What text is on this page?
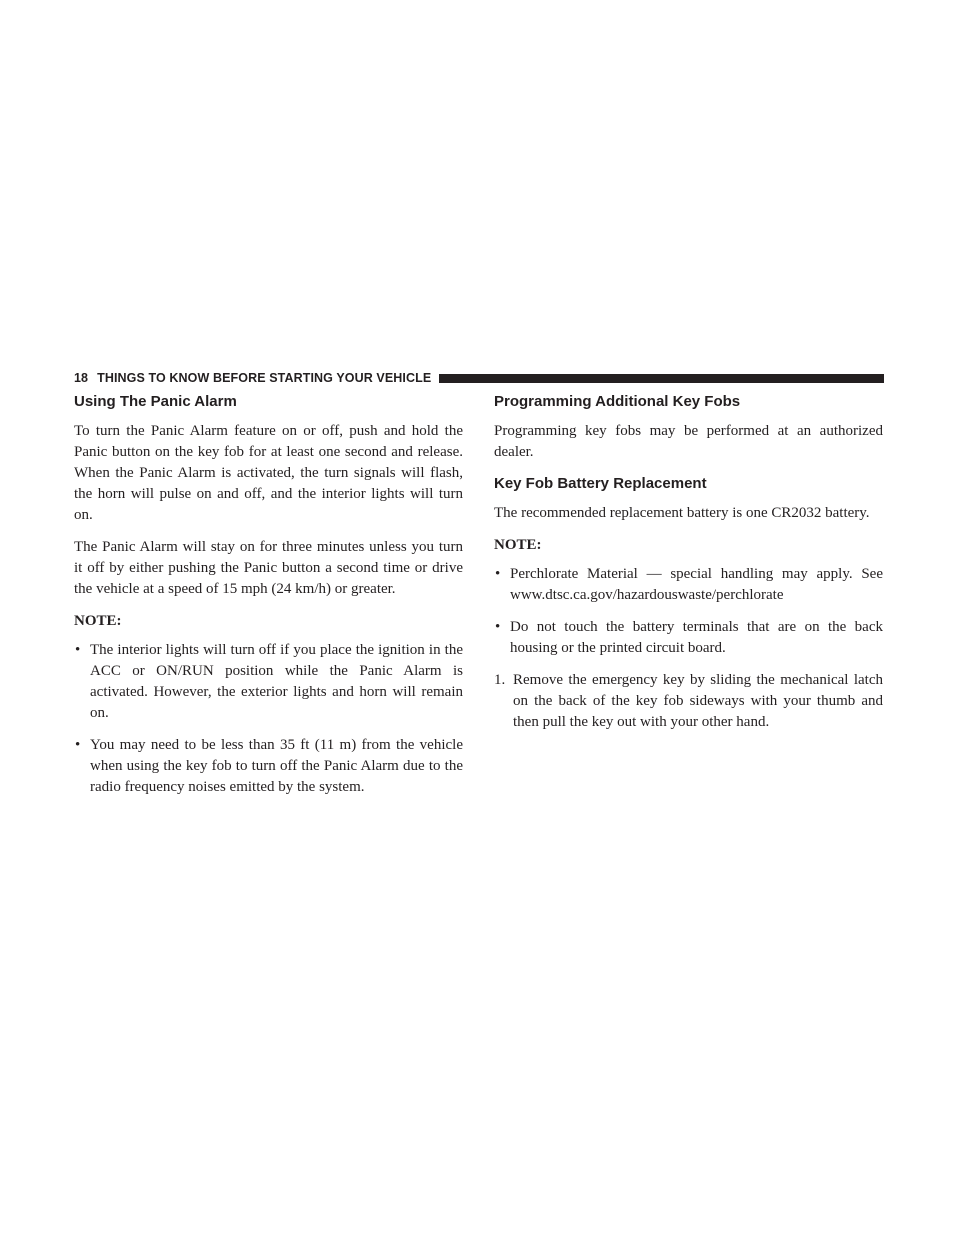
18 THINGS TO KNOW BEFORE STARTING YOUR VEHICLE
Using The Panic Alarm

To turn the Panic Alarm feature on or off, push and hold the Panic button on the key fob for at least one second and release. When the Panic Alarm is activated, the turn signals will flash, the horn will pulse on and off, and the interior lights will turn on.

The Panic Alarm will stay on for three minutes unless you turn it off by either pushing the Panic button a second time or drive the vehicle at a speed of 15 mph (24 km/h) or greater.

NOTE:

• The interior lights will turn off if you place the ignition in the ACC or ON/RUN position while the Panic Alarm is activated. However, the exterior lights and horn will remain on.
• You may need to be less than 35 ft (11 m) from the vehicle when using the key fob to turn off the Panic Alarm due to the radio frequency noises emitted by the system.
Programming Additional Key Fobs

Programming key fobs may be performed at an authorized dealer.

Key Fob Battery Replacement

The recommended replacement battery is one CR2032 battery.

NOTE:

• Perchlorate Material — special handling may apply. See www.dtsc.ca.gov/hazardouswaste/perchlorate
• Do not touch the battery terminals that are on the back housing or the printed circuit board.
1. Remove the emergency key by sliding the mechanical latch on the back of the key fob sideways with your thumb and then pull the key out with your other hand.
